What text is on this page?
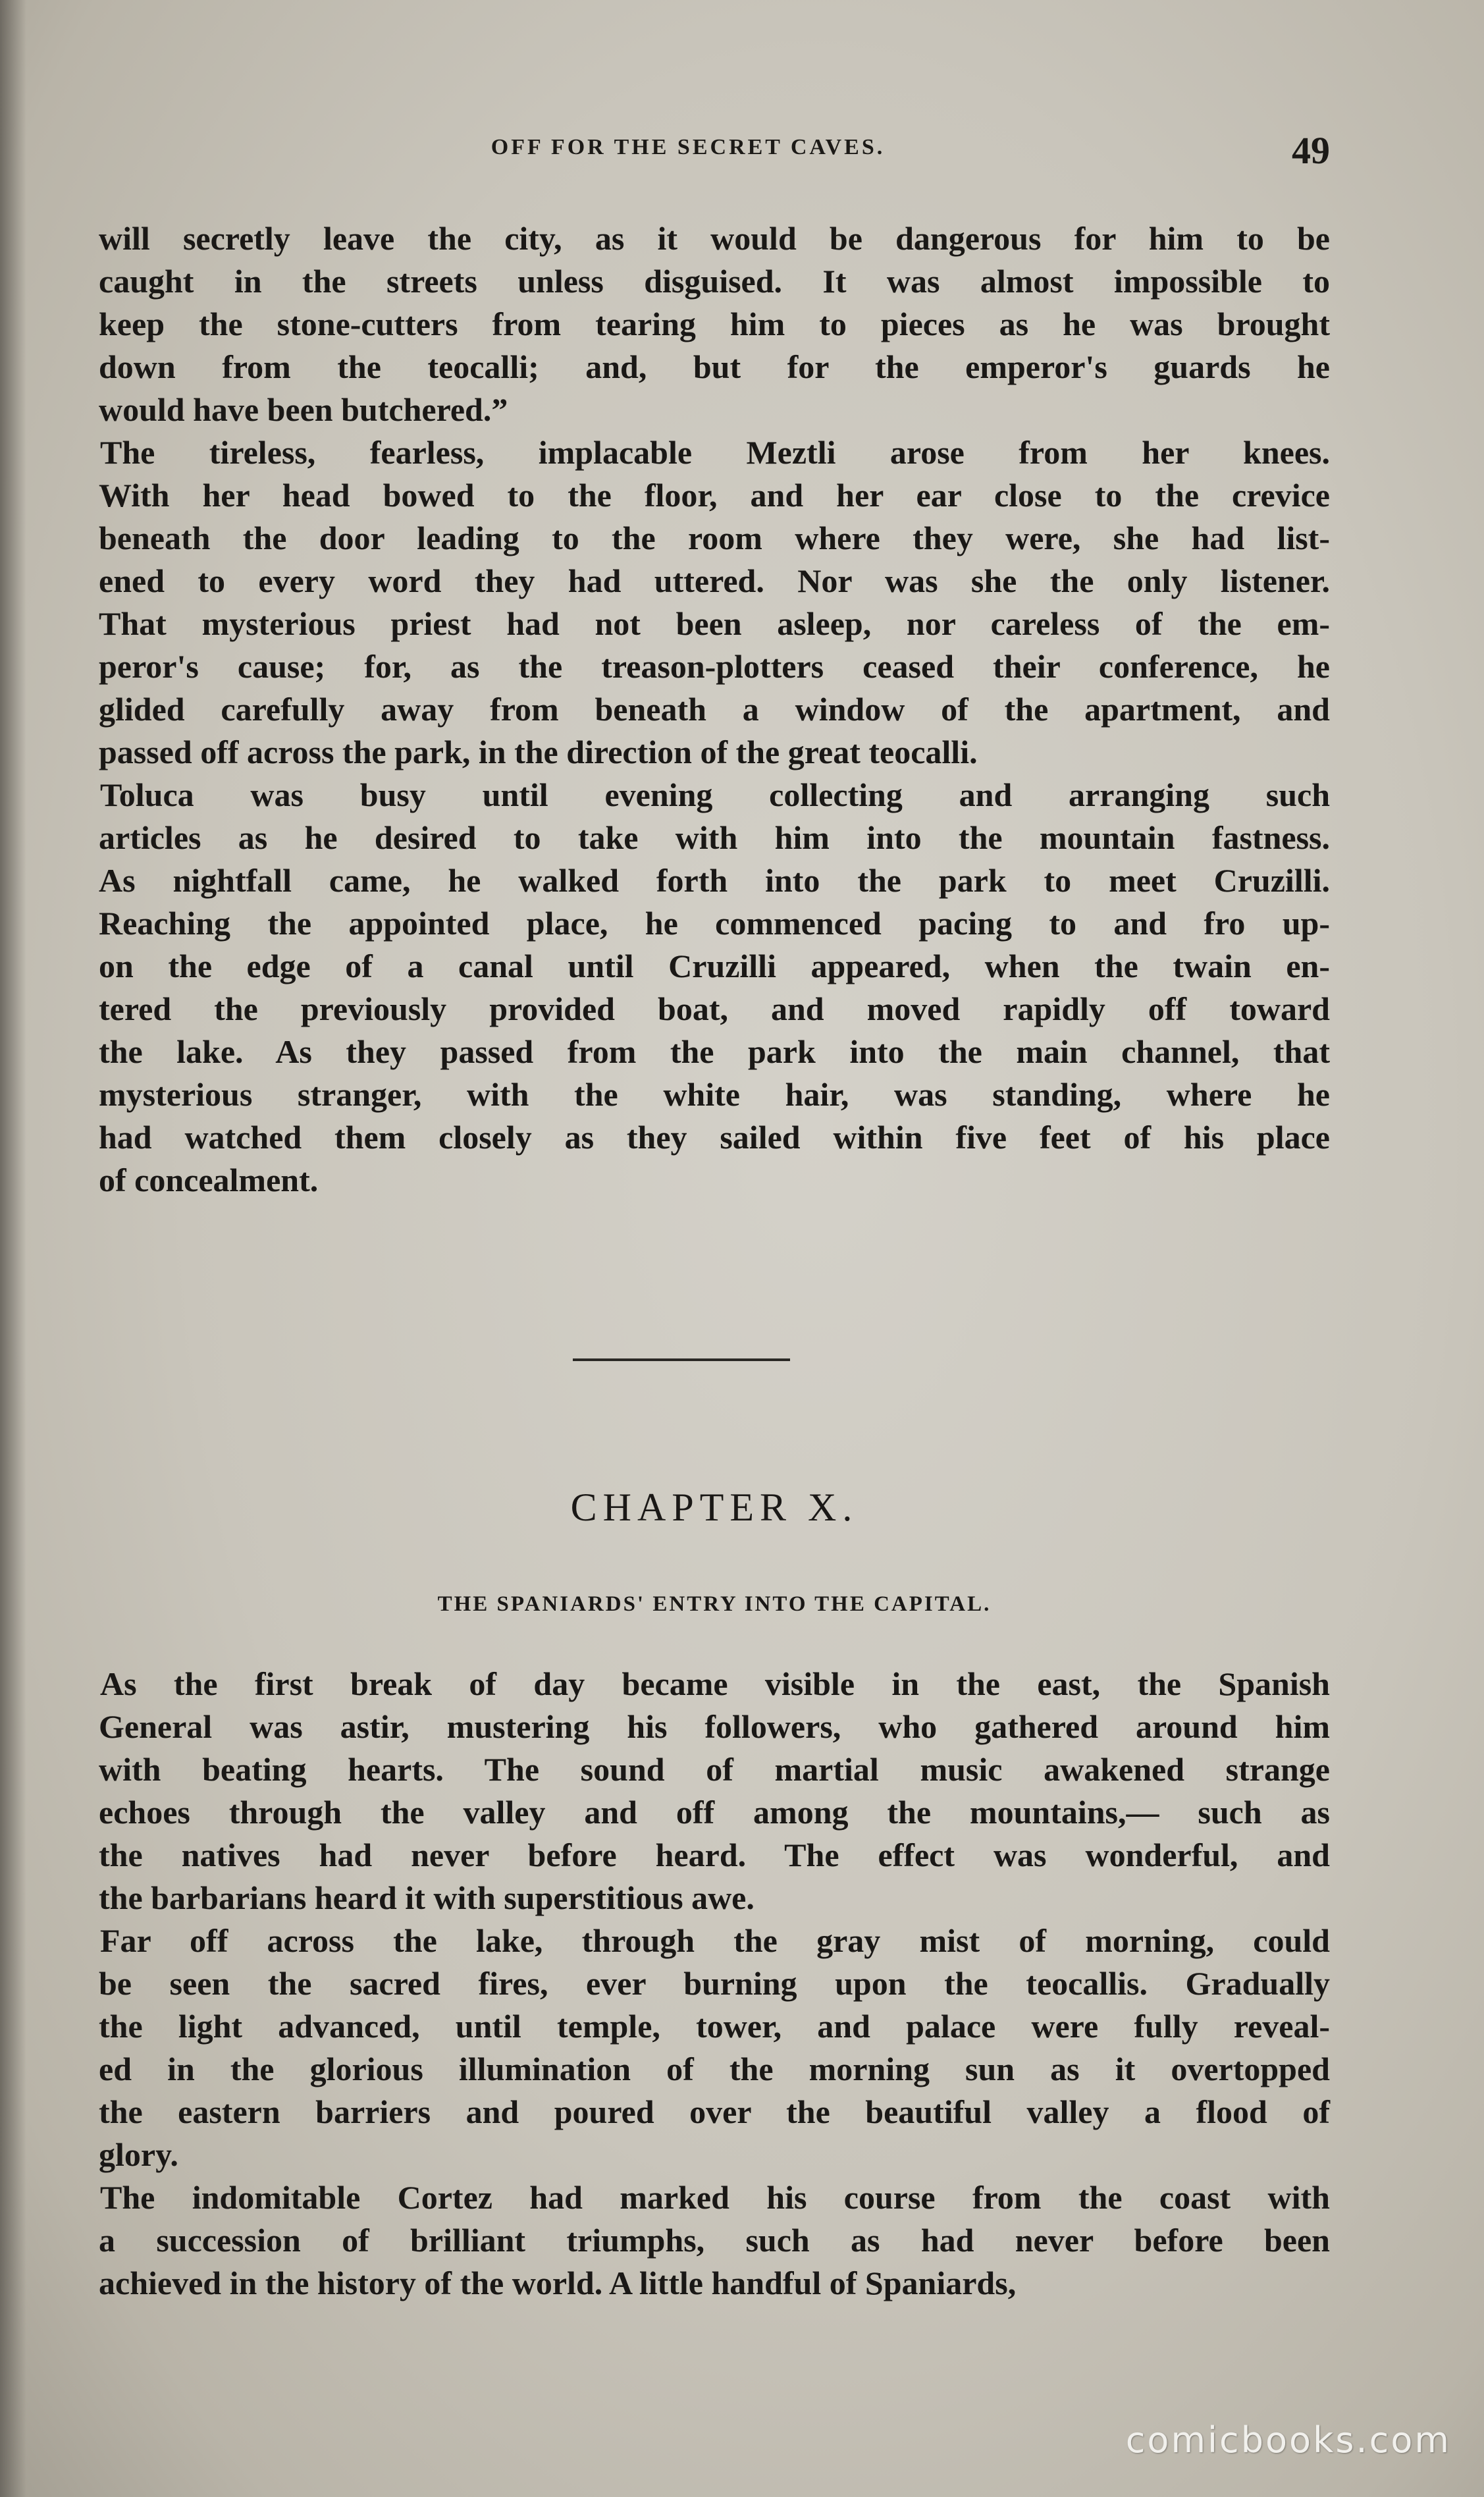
OFF FOR THE SECRET CAVES.	49
will secretly leave the city, as it would be dangerous for him to be
caught in the streets unless disguised. It was almost impossible to
keep the stone-cutters from tearing him to pieces as he was brought
down from the teocalli; and, but for the emperor's guards he
would have been butchered.”
The tireless, fearless, implacable Meztli arose from her knees.
With her head bowed to the floor, and her ear close to the crevice
beneath the door leading to the room where they were, she had list-
ened to every word they had uttered. Nor was she the only listener.
That mysterious priest had not been asleep, nor careless of the em-
peror's cause; for, as the treason-plotters ceased their conference, he
glided carefully away from beneath a window of the apartment, and
passed off across the park, in the direction of the great teocalli.
Toluca was busy until evening collecting and arranging such
articles as he desired to take with him into the mountain fastness.
As nightfall came, he walked forth into the park to meet Cruzilli.
Reaching the appointed place, he commenced pacing to and fro up-
on the edge of a canal until Cruzilli appeared, when the twain en-
tered the previously provided boat, and moved rapidly off toward
the lake. As they passed from the park into the main channel, that
mysterious stranger, with the white hair, was standing, where he
had watched them closely as they sailed within five feet of his place
of concealment.
CHAPTER X.
THE SPANIARDS' ENTRY INTO THE CAPITAL.
As the first break of day became visible in the east, the Spanish
General was astir, mustering his followers, who gathered around him
with beating hearts. The sound of martial music awakened strange
echoes through the valley and off among the mountains,— such as
the natives had never before heard. The effect was wonderful, and
the barbarians heard it with superstitious awe.
Far off across the lake, through the gray mist of morning, could
be seen the sacred fires, ever burning upon the teocallis. Gradually
the light advanced, until temple, tower, and palace were fully reveal-
ed in the glorious illumination of the morning sun as it overtopped
the eastern barriers and poured over the beautiful valley a flood of
glory.
The indomitable Cortez had marked his course from the coast with
a succession of brilliant triumphs, such as had never before been
achieved in the history of the world. A little handful of Spaniards,
comicbooks.com
